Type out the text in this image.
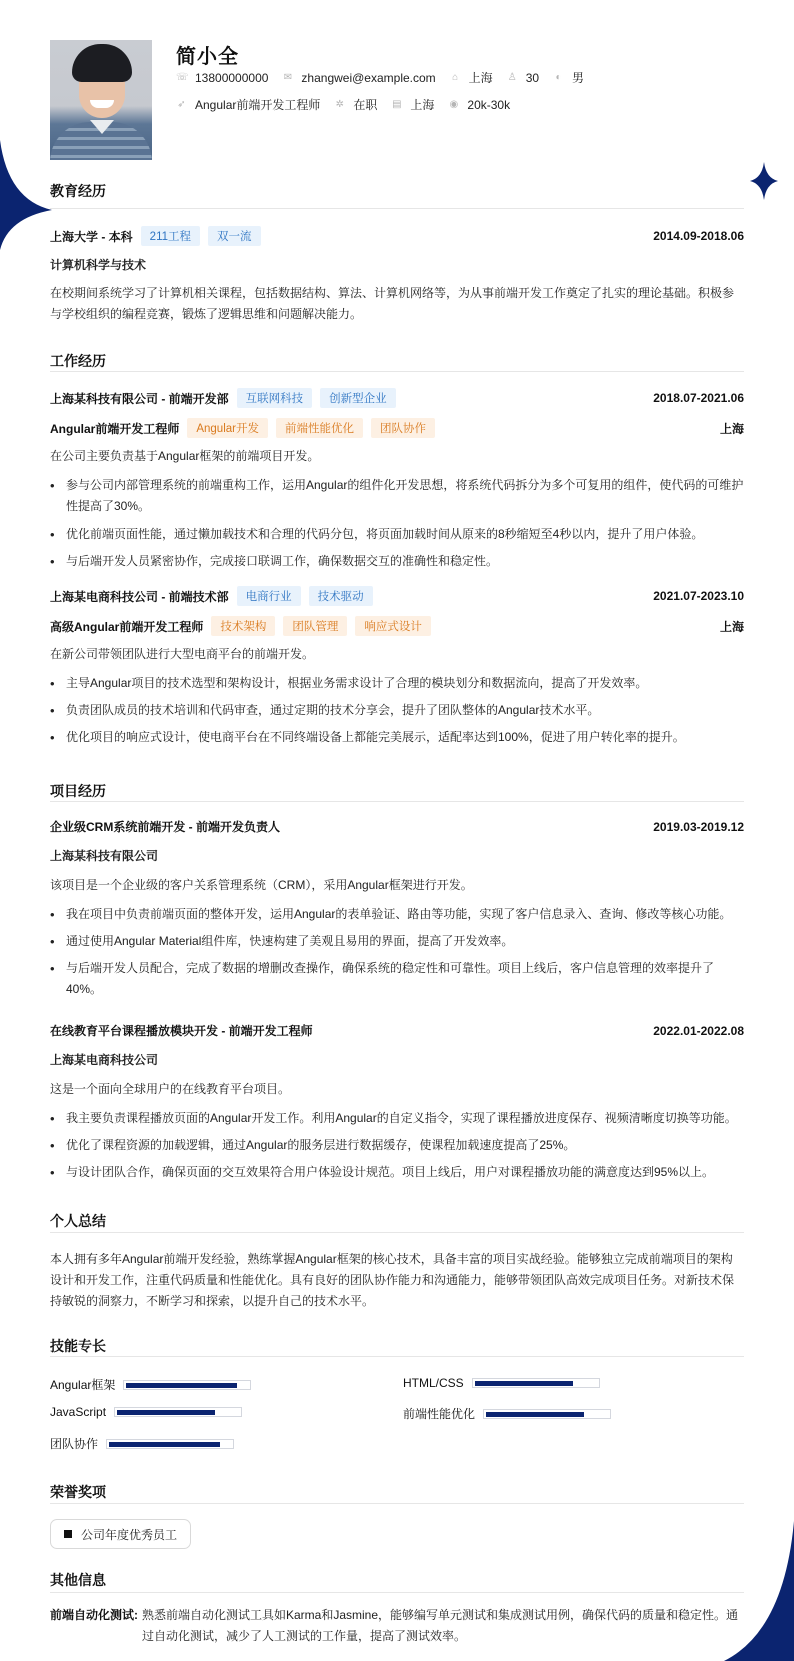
简小全
☏ 13800000000 ✉ zhangwei@example.com ⌂ 上海 ♙ 30 ◐ 男
➶ Angular前端开发工程师 ✲ 在职 ▤ 上海 ◉ 20k-30k
教育经历
上海大学 - 本科	211工程	双一流	2014.09-2018.06
计算机科学与技术
在校期间系统学习了计算机相关课程，包括数据结构、算法、计算机网络等，为从事前端开发工作奠定了扎实的理论基础。积极参与学校组织的编程竞赛，锻炼了逻辑思维和问题解决能力。
工作经历
上海某科技有限公司 - 前端开发部	互联网科技	创新型企业	2018.07-2021.06
Angular前端开发工程师	Angular开发	前端性能优化	团队协作	上海
在公司主要负责基于Angular框架的前端项目开发。
• 参与公司内部管理系统的前端重构工作，运用Angular的组件化开发思想，将系统代码拆分为多个可复用的组件，使代码的可维护性提高了30%。
• 优化前端页面性能，通过懒加载技术和合理的代码分包，将页面加载时间从原来的8秒缩短至4秒以内，提升了用户体验。
• 与后端开发人员紧密协作，完成接口联调工作，确保数据交互的准确性和稳定性。
上海某电商科技公司 - 前端技术部	电商行业	技术驱动	2021.07-2023.10
高级Angular前端开发工程师	技术架构	团队管理	响应式设计	上海
在新公司带领团队进行大型电商平台的前端开发。
• 主导Angular项目的技术选型和架构设计，根据业务需求设计了合理的模块划分和数据流向，提高了开发效率。
• 负责团队成员的技术培训和代码审查，通过定期的技术分享会，提升了团队整体的Angular技术水平。
• 优化项目的响应式设计，使电商平台在不同终端设备上都能完美展示，适配率达到100%，促进了用户转化率的提升。
项目经历
企业级CRM系统前端开发 - 前端开发负责人	2019.03-2019.12
上海某科技有限公司
该项目是一个企业级的客户关系管理系统（CRM），采用Angular框架进行开发。
• 我在项目中负责前端页面的整体开发，运用Angular的表单验证、路由等功能，实现了客户信息录入、查询、修改等核心功能。
• 通过使用Angular Material组件库，快速构建了美观且易用的界面，提高了开发效率。
• 与后端开发人员配合，完成了数据的增删改查操作，确保系统的稳定性和可靠性。项目上线后，客户信息管理的效率提升了40%。
在线教育平台课程播放模块开发 - 前端开发工程师	2022.01-2022.08
上海某电商科技公司
这是一个面向全球用户的在线教育平台项目。
• 我主要负责课程播放页面的Angular开发工作。利用Angular的自定义指令，实现了课程播放进度保存、视频清晰度切换等功能。
• 优化了课程资源的加载逻辑，通过Angular的服务层进行数据缓存，使课程加载速度提高了25%。
• 与设计团队合作，确保页面的交互效果符合用户体验设计规范。项目上线后，用户对课程播放功能的满意度达到95%以上。
个人总结
本人拥有多年Angular前端开发经验，熟练掌握Angular框架的核心技术，具备丰富的项目实战经验。能够独立完成前端项目的架构设计和开发工作，注重代码质量和性能优化。具有良好的团队协作能力和沟通能力，能够带领团队高效完成项目任务。对新技术保持敏锐的洞察力，不断学习和探索，以提升自己的技术水平。
技能专长
Angular框架	HTML/CSS
JavaScript	前端性能优化
团队协作
荣誉奖项
公司年度优秀员工
其他信息
前端自动化测试: 熟悉前端自动化测试工具如Karma和Jasmine，能够编写单元测试和集成测试用例，确保代码的质量和稳定性。通过自动化测试，减少了人工测试的工作量，提高了测试效率。
